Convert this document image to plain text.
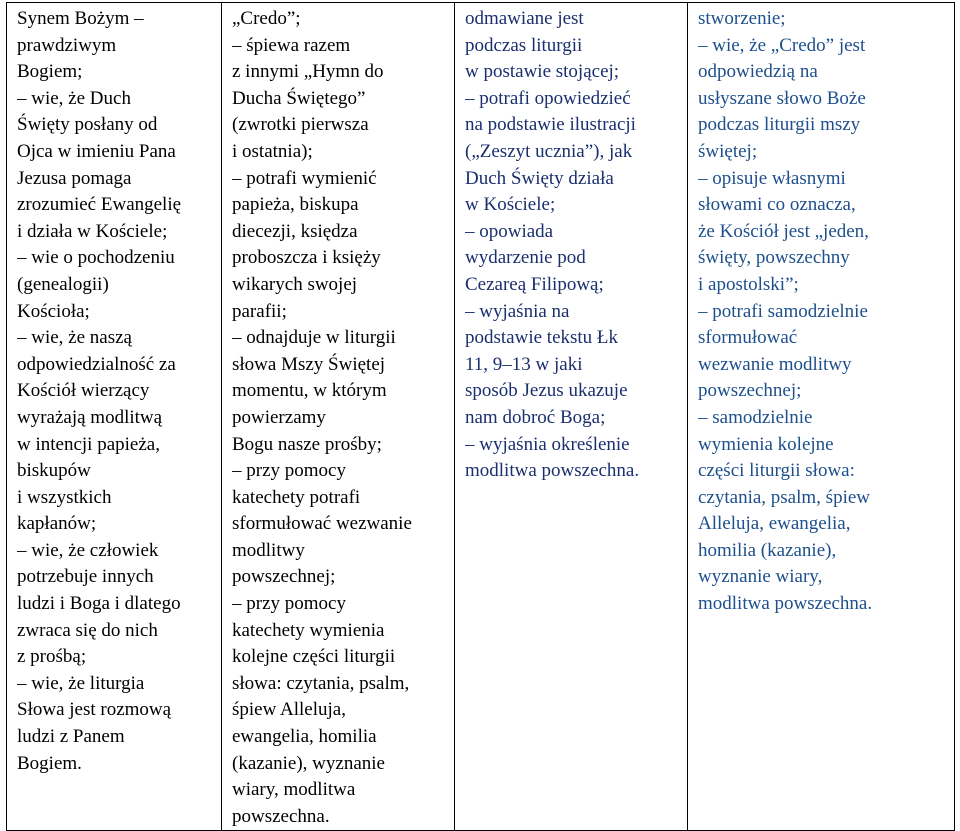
Synem Bożym –
prawdziwym
Bogiem;
– wie, że Duch
Święty posłany od
Ojca w imieniu Pana
Jezusa pomaga
zrozumieć Ewangelię
i działa w Kościele;
– wie o pochodzeniu
(genealogii)
Kościoła;
– wie, że naszą
odpowiedzialność za
Kościół wierzący
wyrażają modlitwą
w intencji papieża,
biskupów
i wszystkich
kapłanów;
– wie, że człowiek
potrzebuje innych
ludzi i Boga i dlatego
zwraca się do nich
z prośbą;
– wie, że liturgia
Słowa jest rozmową
ludzi z Panem
Bogiem.

„Credo”;
– śpiewa razem
z innymi „Hymn do
Ducha Świętego”
(zwrotki pierwsza
i ostatnia);
– potrafi wymienić
papieża, biskupa
diecezji, księdza
proboszcza i księży
wikarych swojej
parafii;
– odnajduje w liturgii
słowa Mszy Świętej
momentu, w którym
powierzamy
Bogu nasze prośby;
– przy pomocy
katechety potrafi
sformułować wezwanie
modlitwy
powszechnej;
– przy pomocy
katechety wymienia
kolejne części liturgii
słowa: czytania, psalm,
śpiew Alleluja,
ewangelia, homilia
(kazanie), wyznanie
wiary, modlitwa
powszechna.

odmawiane jest
podczas liturgii
w postawie stojącej;
– potrafi opowiedzieć
na podstawie ilustracji
(„Zeszyt ucznia”), jak
Duch Święty działa
w Kościele;
– opowiada
wydarzenie pod
Cezareą Filipową;
– wyjaśnia na
podstawie tekstu Łk
11, 9–13 w jaki
sposób Jezus ukazuje
nam dobroć Boga;
– wyjaśnia określenie
modlitwa powszechna.

stworzenie;
– wie, że „Credo” jest
odpowiedzią na
usłyszane słowo Boże
podczas liturgii mszy
świętej;
– opisuje własnymi
słowami co oznacza,
że Kościół jest „jeden,
święty, powszechny
i apostolski”;
– potrafi samodzielnie
sformułować
wezwanie modlitwy
powszechnej;
– samodzielnie
wymienia kolejne
części liturgii słowa:
czytania, psalm, śpiew
Alleluja, ewangelia,
homilia (kazanie),
wyznanie wiary,
modlitwa powszechna.
